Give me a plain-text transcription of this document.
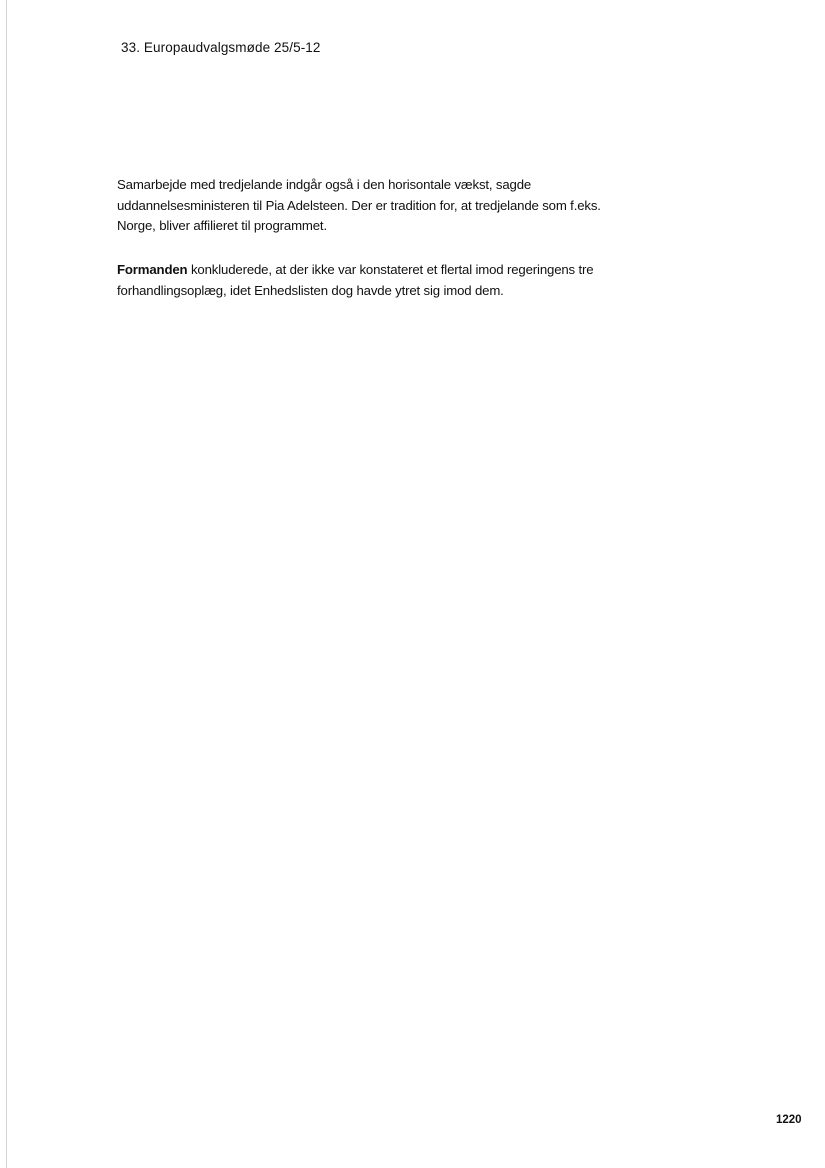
33. Europaudvalgsmøde 25/5-12

Samarbejde med tredjelande indgår også i den horisontale vækst, sagde uddannelsesministeren til Pia Adelsteen. Der er tradition for, at tredjelande som f.eks. Norge, bliver affilieret til programmet.

Formanden konkluderede, at der ikke var konstateret et flertal imod regeringens tre forhandlingsoplæg, idet Enhedslisten dog havde ytret sig imod dem.

1220
